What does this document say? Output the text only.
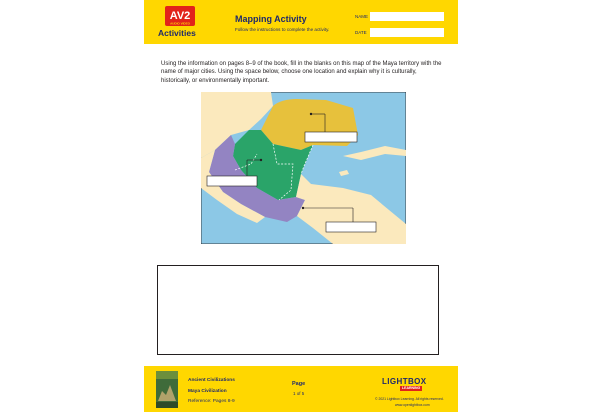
AV2
AUDIO VIDEO
Activities
Mapping Activity
Follow the instructions to complete the activity.
NAME
DATE
Using the information on pages 8–9 of the book, fill in the blanks on this map of the Maya territory with the name of major cities. Using the space below, choose one location and explain why it is culturally, historically, or environmentally important.
Ancient Civilizations
Maya Civilization
Reference: Pages 8-9
Page
1 of 5
LIGHTBOX
LEARNING
© 2021 Lightbox Learning. All rights reserved.
www.openlightbox.com
